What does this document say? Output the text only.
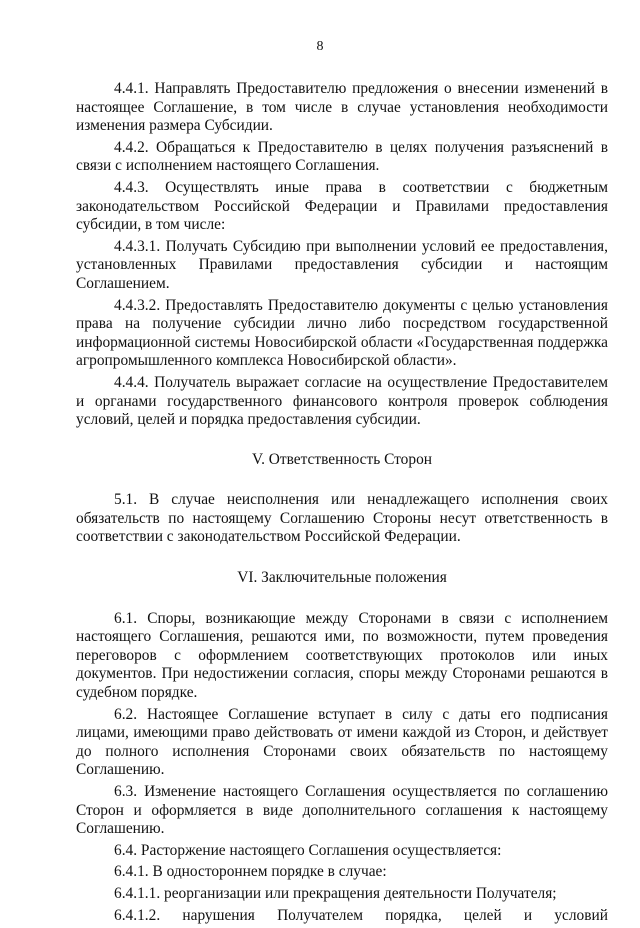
8

4.4.1. Направлять Предоставителю предложения о внесении изменений в настоящее Соглашение, в том числе в случае установления необходимости изменения размера Субсидии.

4.4.2. Обращаться к Предоставителю в целях получения разъяснений в связи с исполнением настоящего Соглашения.

4.4.3. Осуществлять иные права в соответствии с бюджетным законодательством Российской Федерации и Правилами предоставления субсидии, в том числе:

4.4.3.1. Получать Субсидию при выполнении условий ее предоставления, установленных Правилами предоставления субсидии и настоящим Соглашением.

4.4.3.2. Предоставлять Предоставителю документы с целью установления права на получение субсидии лично либо посредством государственной информационной системы Новосибирской области «Государственная поддержка агропромышленного комплекса Новосибирской области».

4.4.4. Получатель выражает согласие на осуществление Предоставителем и органами государственного финансового контроля проверок соблюдения условий, целей и порядка предоставления субсидии.

V. Ответственность Сторон

5.1. В случае неисполнения или ненадлежащего исполнения своих обязательств по настоящему Соглашению Стороны несут ответственность в соответствии с законодательством Российской Федерации.

VI. Заключительные положения

6.1. Споры, возникающие между Сторонами в связи с исполнением настоящего Соглашения, решаются ими, по возможности, путем проведения переговоров с оформлением соответствующих протоколов или иных документов. При недостижении согласия, споры между Сторонами решаются в судебном порядке.

6.2. Настоящее Соглашение вступает в силу с даты его подписания лицами, имеющими право действовать от имени каждой из Сторон, и действует до полного исполнения Сторонами своих обязательств по настоящему Соглашению.

6.3. Изменение настоящего Соглашения осуществляется по соглашению Сторон и оформляется в виде дополнительного соглашения к настоящему Соглашению.

6.4. Расторжение настоящего Соглашения осуществляется:

6.4.1. В одностороннем порядке в случае:

6.4.1.1. реорганизации или прекращения деятельности Получателя;

6.4.1.2. нарушения Получателем порядка, целей и условий
